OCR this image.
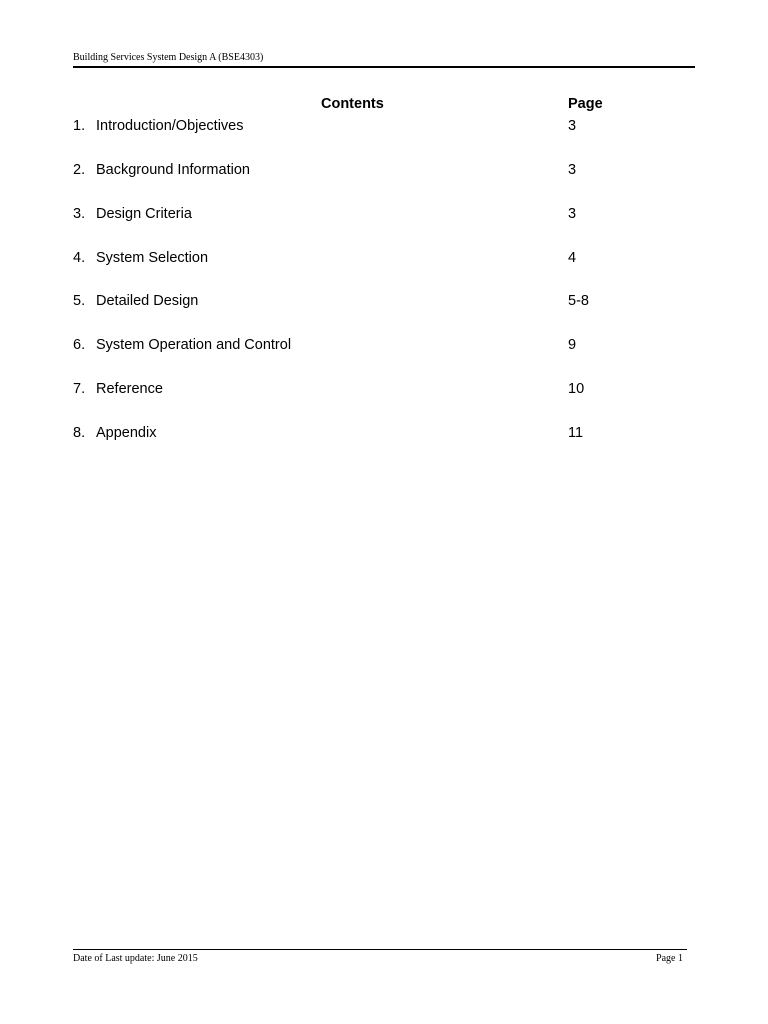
Building Services System Design A (BSE4303)
Contents	Page
1. Introduction/Objectives	3
2. Background Information	3
3. Design Criteria	3
4. System Selection	4
5. Detailed Design	5-8
6. System Operation and Control	9
7. Reference	10
8. Appendix	11
Date of Last update: June 2015	Page 1
